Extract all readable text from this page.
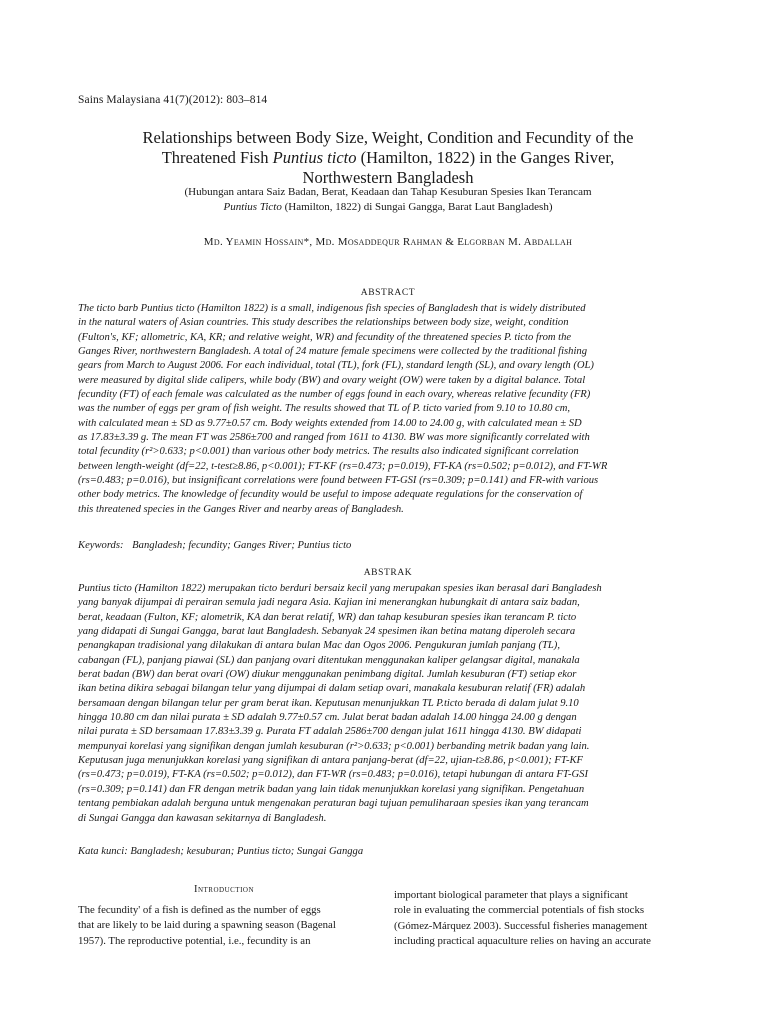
Sains Malaysiana 41(7)(2012): 803–814
Relationships between Body Size, Weight, Condition and Fecundity of the
Threatened Fish Puntius ticto (Hamilton, 1822) in the Ganges River,
Northwestern Bangladesh
(Hubungan antara Saiz Badan, Berat, Keadaan dan Tahap Kesuburan Spesies Ikan Terancam
Puntius Ticto (Hamilton, 1822) di Sungai Gangga, Barat Laut Bangladesh)
Md. Yeamin Hossain*, Md. Mosaddequr Rahman & Elgorban M. Abdallah
ABSTRACT

The ticto barb Puntius ticto (Hamilton 1822) is a small, indigenous fish species of Bangladesh that is widely distributed
in the natural waters of Asian countries. This study describes the relationships between body size, weight, condition
(Fulton's, KF; allometric, KA, KR; and relative weight, WR) and fecundity of the threatened species P. ticto from the
Ganges River, northwestern Bangladesh. A total of 24 mature female specimens were collected by the traditional fishing
gears from March to August 2006. For each individual, total (TL), fork (FL), standard length (SL), and ovary length (OL)
were measured by digital slide calipers, while body (BW) and ovary weight (OW) were taken by a digital balance. Total
fecundity (FT) of each female was calculated as the number of eggs found in each ovary, whereas relative fecundity (FR)
was the number of eggs per gram of fish weight. The results showed that TL of P. ticto varied from 9.10 to 10.80 cm,
with calculated mean ± SD as 9.77±0.57 cm. Body weights extended from 14.00 to 24.00 g, with calculated mean ± SD
as 17.83±3.39 g. The mean FT was 2586±700 and ranged from 1611 to 4130. BW was more significantly correlated with
total fecundity (r²>0.633; p<0.001) than various other body metrics. The results also indicated significant correlation
between length-weight (df=22, t-test≥8.86, p<0.001); FT-KF (rs=0.473; p=0.019), FT-KA (rs=0.502; p=0.012), and FT-WR
(rs=0.483; p=0.016), but insignificant correlations were found between FT-GSI (rs=0.309; p=0.141) and FR-with various
other body metrics. The knowledge of fecundity would be useful to impose adequate regulations for the conservation of
this threatened species in the Ganges River and nearby areas of Bangladesh.

Keywords: Bangladesh; fecundity; Ganges River; Puntius ticto
ABSTRAK

Puntius ticto (Hamilton 1822) merupakan ticto berduri bersaiz kecil yang merupakan spesies ikan berasal dari Bangladesh
yang banyak dijumpai di perairan semula jadi negara Asia. Kajian ini menerangkan hubungkait di antara saiz badan,
berat, keadaan (Fulton, KF; alometrik, KA dan berat relatif, WR) dan tahap kesuburan spesies ikan terancam P. ticto
yang didapati di Sungai Gangga, barat laut Bangladesh. Sebanyak 24 spesimen ikan betina matang diperoleh secara
penangkapan tradisional yang dilakukan di antara bulan Mac dan Ogos 2006. Pengukuran jumlah panjang (TL),
cabangan (FL), panjang piawai (SL) dan panjang ovari ditentukan menggunakan kaliper gelangsar digital, manakala
berat badan (BW) dan berat ovari (OW) diukur menggunakan penimbang digital. Jumlah kesuburan (FT) setiap ekor
ikan betina dikira sebagai bilangan telur yang dijumpai di dalam setiap ovari, manakala kesuburan relatif (FR) adalah
bersamaan dengan bilangan telur per gram berat ikan. Keputusan menunjukkan TL P.ticto berada di dalam julat 9.10
hingga 10.80 cm dan nilai purata ± SD adalah 9.77±0.57 cm. Julat berat badan adalah 14.00 hingga 24.00 g dengan
nilai purata ± SD bersamaan 17.83±3.39 g. Purata FT adalah 2586±700 dengan julat 1611 hingga 4130. BW didapati
mempunyai korelasi yang signifikan dengan jumlah kesuburan (r²>0.633; p<0.001) berbanding metrik badan yang lain.
Keputusan juga menunjukkan korelasi yang signifikan di antara panjang-berat (df=22, ujian-t≥8.86, p<0.001); FT-KF
(rs=0.473; p=0.019), FT-KA (rs=0.502; p=0.012), dan FT-WR (rs=0.483; p=0.016), tetapi hubungan di antara FT-GSI
(rs=0.309; p=0.141) dan FR dengan metrik badan yang lain tidak menunjukkan korelasi yang signifikan. Pengetahuan
tentang pembiakan adalah berguna untuk mengenakan peraturan bagi tujuan pemuliharaan spesies ikan yang terancam
di Sungai Gangga dan kawasan sekitarnya di Bangladesh.

Kata kunci: Bangladesh; kesuburan; Puntius ticto; Sungai Gangga
Introduction

The fecundity' of a fish is defined as the number of eggs
that are likely to be laid during a spawning season (Bagenal
1957). The reproductive potential, i.e., fecundity is an

important biological parameter that plays a significant
role in evaluating the commercial potentials of fish stocks
(Gómez-Márquez 2003). Successful fisheries management
including practical aquaculture relies on having an accurate
